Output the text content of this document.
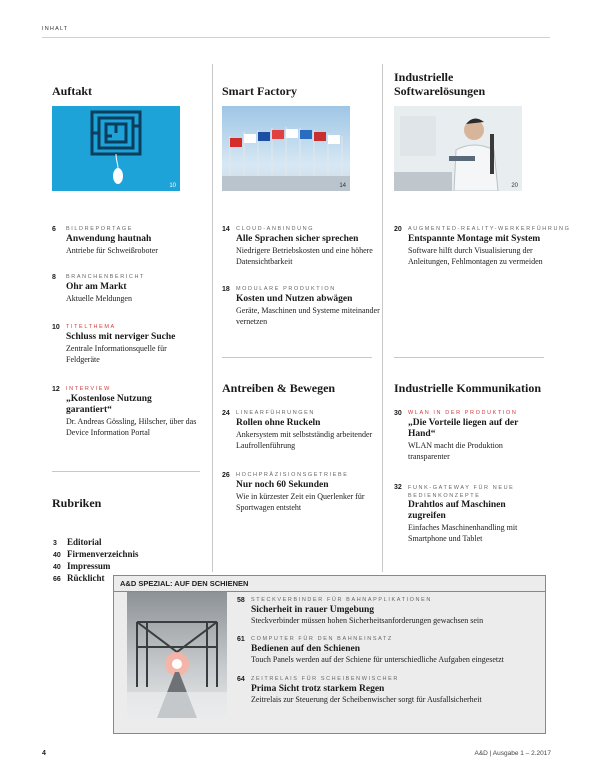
INHALT
Auftakt
10
6 BILDREPORTAGE
Anwendung hautnah
Antriebe für Schweißroboter
8 BRANCHENBERICHT
Ohr am Markt
Aktuelle Meldungen
10 TITELTHEMA
Schluss mit nerviger Suche
Zentrale Informationsquelle für Feldgeräte
12 INTERVIEW
„Kostenlose Nutzung garantiert“
Dr. Andreas Gössling, Hilscher, über das Device Information Portal
Rubriken
3 Editorial
40 Firmenverzeichnis
40 Impressum
66 Rücklicht
Smart Factory
14
14 CLOUD-ANBINDUNG
Alle Sprachen sicher sprechen
Niedrigere Betriebskosten und eine höhere Datensichtbarkeit
18 MODULARE PRODUKTION
Kosten und Nutzen abwägen
Geräte, Maschinen und Systeme miteinander vernetzen
Antreiben & Bewegen
24 LINEARFÜHRUNGEN
Rollen ohne Ruckeln
Ankersystem mit selbstständig arbeitender Laufrollenführung
26 HOCHPRÄZISIONSGETRIEBE
Nur noch 60 Sekunden
Wie in kürzester Zeit ein Querlenker für Sportwagen entsteht
Industrielle Softwarelösungen
20
20 AUGMENTED-REALITY-WERKERFÜHRUNG
Entspannte Montage mit System
Software hilft durch Visualisierung der Anleitungen, Fehlmontagen zu vermeiden
Industrielle Kommunikation
30 WLAN IN DER PRODUKTION
„Die Vorteile liegen auf der Hand“
WLAN macht die Produktion transparenter
32 FUNK-GATEWAY FÜR NEUE BEDIENKONZEPTE
Drahtlos auf Maschinen zugreifen
Einfaches Maschinenhandling mit Smartphone und Tablet
A&D SPEZIAL: AUF DEN SCHIENEN
58 STECKVERBINDER FÜR BAHNAPPLIKATIONEN
Sicherheit in rauer Umgebung
Steckverbinder müssen hohen Sicherheitsanforderungen gewachsen sein
61 COMPUTER FÜR DEN BAHNEINSATZ
Bedienen auf den Schienen
Touch Panels werden auf der Schiene für unterschiedliche Aufgaben eingesetzt
64 ZEITRELAIS FÜR SCHEIBENWISCHER
Prima Sicht trotz starkem Regen
Zeitrelais zur Steuerung der Scheibenwischer sorgt für Ausfallsicherheit
4	A&D | Ausgabe 1 – 2.2017
